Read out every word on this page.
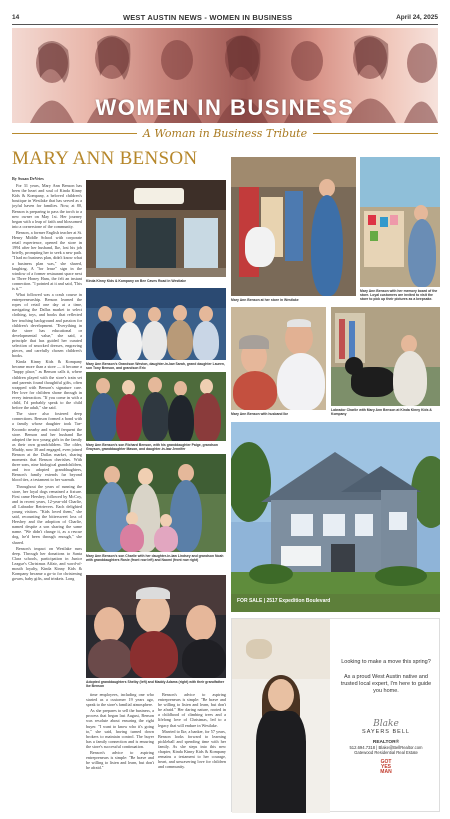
14	WEST AUSTIN NEWS - WOMEN IN BUSINESS	April 24, 2025
WOMEN IN BUSINESS
A Woman in Business Tribute
MARY ANN BENSON

By Susan DeVries

For 31 years, Mary Ann Benson has been the heart and soul of Kinda Kinny Kids & Kompany, a beloved children's boutique in Westlake that has served as a joyful haven for families. Now, at 80, Benson is preparing to pass the torch to a new owner on May 1st. Her journey began with a leap of faith and blossomed into a cornerstone of the community.

Benson, a former English teacher at St. Henry Middle School with corporate retail experience, opened the store in 1994 after her husband, Ike, lost his job briefly, prompting her to seek a new path. "I had no business plan, didn't know what a business plan was," she shared, laughing. A "for lease" sign in the window of a former restaurant space next to Three Honey Ham, the felt an instant connection. "I pointed at it and said, 'This is it.'"

What followed was a crash course in entrepreneurship. Benson learned the ropes of retail one day at a time, navigating the Dallas market to select clothing, toys, and books that reflected her teaching background and passion for children's development. "Everything in the store has educational or developmental value," she said, a principle that has guided her curated selection of smocked dresses, engraving pieces, and carefully chosen children's books.

Kinda Kinny Kids & Kompany became more than a store — it became a "happy place," as Benson calls it, where children played with the store's train set and parents found thoughtful gifts, often wrapped with Benson's signature care. Her love for children shone through in every interaction. "If you come in with a child, I'd probably speak to the child before the adult," she said.

The store also fostered deep connections. Benson formed a bond with a family whose daughter took Tae-Kwondo nearby and would frequent the store. Benson and her husband Ike adopted the two young girls in the family as their own grandchildren. The older, Maddy, now 30 and engaged, even joined Benson at the Dallas market, sharing moments that Benson cherishes. With three sons, nine biological grandchildren, and two adopted granddaughters, Benson's family extends far beyond blood ties, a testament to her warmth.

Throughout the years of running the store, her loyal dogs remained a fixture. First came Hershey, followed by McCoy, and in recent years, 12-year-old Charlie, all Labrador Retrievers. Each delighted young visitors. "Kids loved them," she said, recounting the bittersweet loss of Hershey and the adoption of Charlie, named despite a son sharing the same name. "We didn't change it, as a rescue dog, he'd been through enough," she shared.

Benson's impact on Westlake runs deep. Through her donations to Santa Clara schools, participation in Junior League's Christmas Affair, and word-of-mouth loyalty, Kinda Kinny Kids & Kompany became a go-to for christening gowns, baby gifts, and trinkets. Long

Kinda Kinny Kids & Kompany on Bee Caves Road in Westlake
Mary Ann Benson's Grandson Weston, daughter-in-law Sarah, grand daughter Lauren, son Tony Benson, and grandson Eric
Mary Ann Benson's son Richard Benson, with his granddaughter Paige, grandson Grayson, granddaughter Mason, and daughter-in-law Jennifer
Mary Ann Benson's son Charlie with her daughter-in-law Lindsey and grandson Noah with granddaughters Rosie (front row left) and Naomi (front row right)
Adopted granddaughters Shelby (left) and Maddy Adams (right) with their grandfather Ike Benson

time employees, including one who started as a customer 19 years ago, speak to the store's familial atmosphere.

As she prepares to sell the business, a process that began last August, Benson was resolute about ensuring the right buyer. "I want to know who it's going to," she said, having turned down brokers to maintain control. The buyer has a family connection and is ensuring the store's successful continuation.

Benson's advice to aspiring entrepreneurs is simple: "Be brave and be willing to listen and learn, but don't be afraid."

Benson's advice to aspiring entrepreneurs is simple: "Be brave and be willing to listen and learn, but don't be afraid." Her daring nature, rooted in a childhood of climbing trees and a lifelong love of Christmas, led to a legacy that will endure in Westlake.

Married to Ike, a banker, for 57 years, Benson looks forward to learning pickleball and spending time with her family. As she steps into this new chapter, Kinda Kinny Kids & Kompany remains a testament to her courage, heart, and unwavering love for children and community.

Mary Ann Benson at her store in Westlake
Mary Ann Benson with her memory board of the store. Loyal customers are invited to visit the store to pick up their pictures as a keepsake.
Mary Ann Benson with husband Ike
Labrador Charlie with Mary Ann Benson at Kinda Kinny Kids & Kompany
FOR SALE | 2517 Expedition Boulevard
Looking to make a move this spring?
As a proud West Austin native and trusted local expert, I'm here to guide you home.
Blake
SAYERS BELL
REALTOR®
512.694.7318 | Blake@BellRealtor.com
Gatewood Residential Real Estate
GOT YES MAN
